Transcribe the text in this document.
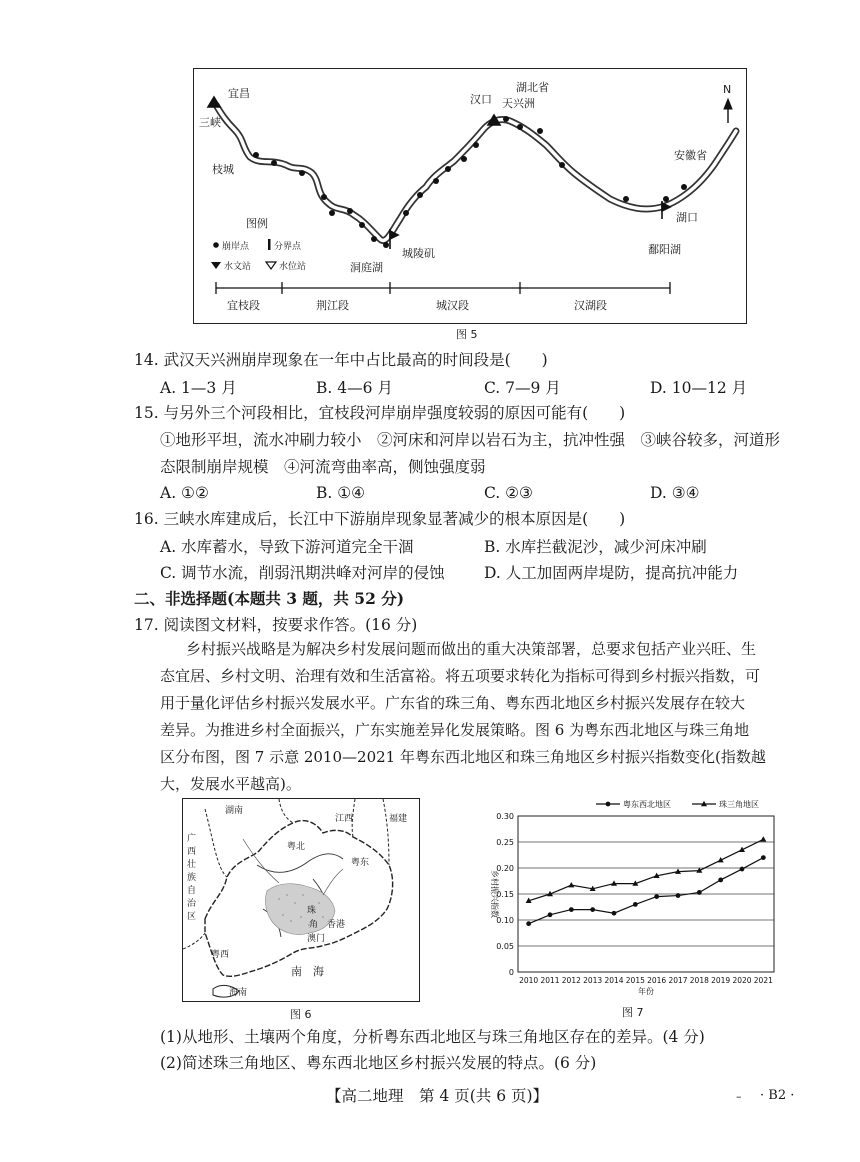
宜昌
三峡
枝城
汉口
湖北省
天兴洲
N
安徽省
湖口
鄱阳湖
城陵矶
洞庭湖
图例
崩岸点	分界点
水文站	水位站
宜枝段	荆江段	城汉段	汉湖段
图 5
14. 武汉天兴洲崩岸现象在一年中占比最高的时间段是(　　)
A. 1—3 月	B. 4—6 月	C. 7—9 月	D. 10—12 月
15. 与另外三个河段相比，宜枝段河岸崩岸强度较弱的原因可能有(　　)
①地形平坦，流水冲刷力较小　②河床和河岸以岩石为主，抗冲性强　③峡谷较多，河道形
态限制崩岸规模　④河流弯曲率高，侧蚀强度弱
A. ①②	B. ①④	C. ②③	D. ③④
16. 三峡水库建成后，长江中下游崩岸现象显著减少的根本原因是(　　)
A. 水库蓄水，导致下游河道完全干涸	B. 水库拦截泥沙，减少河床冲刷
C. 调节水流，削弱汛期洪峰对河岸的侵蚀	D. 人工加固两岸堤防，提高抗冲能力
二、非选择题(本题共 3 题，共 52 分)
17. 阅读图文材料，按要求作答。(16 分)
乡村振兴战略是为解决乡村发展问题而做出的重大决策部署，总要求包括产业兴旺、生
态宜居、乡村文明、治理有效和生活富裕。将五项要求转化为指标可得到乡村振兴指数，可
用于量化评估乡村振兴发展水平。广东省的珠三角、粤东西北地区乡村振兴发展存在较大
差异。为推进乡村全面振兴，广东实施差异化发展策略。图 6 为粤东西北地区与珠三角地
区分布图，图 7 示意 2010—2021 年粤东西北地区和珠三角地区乡村振兴指数变化(指数越
大，发展水平越高)。
湖南
江西	福建
广西壮族自治区
粤北
粤东
粤西
珠
角 香港
澳门
南　海
海南
图 6
0
0.05
0.10
0.15
0.20
0.25
0.30
2010 2011 2012 2013 2014 2015 2016 2017 2018 2019 2020 2021
年份
乡村振兴指数
粤东西北地区	珠三角地区
图 7
(1)从地形、土壤两个角度，分析粤东西北地区与珠三角地区存在的差异。(4 分)
(2)简述珠三角地区、粤东西北地区乡村振兴发展的特点。(6 分)
【高二地理　第 4 页(共 6 页)】	– · B2 ·
